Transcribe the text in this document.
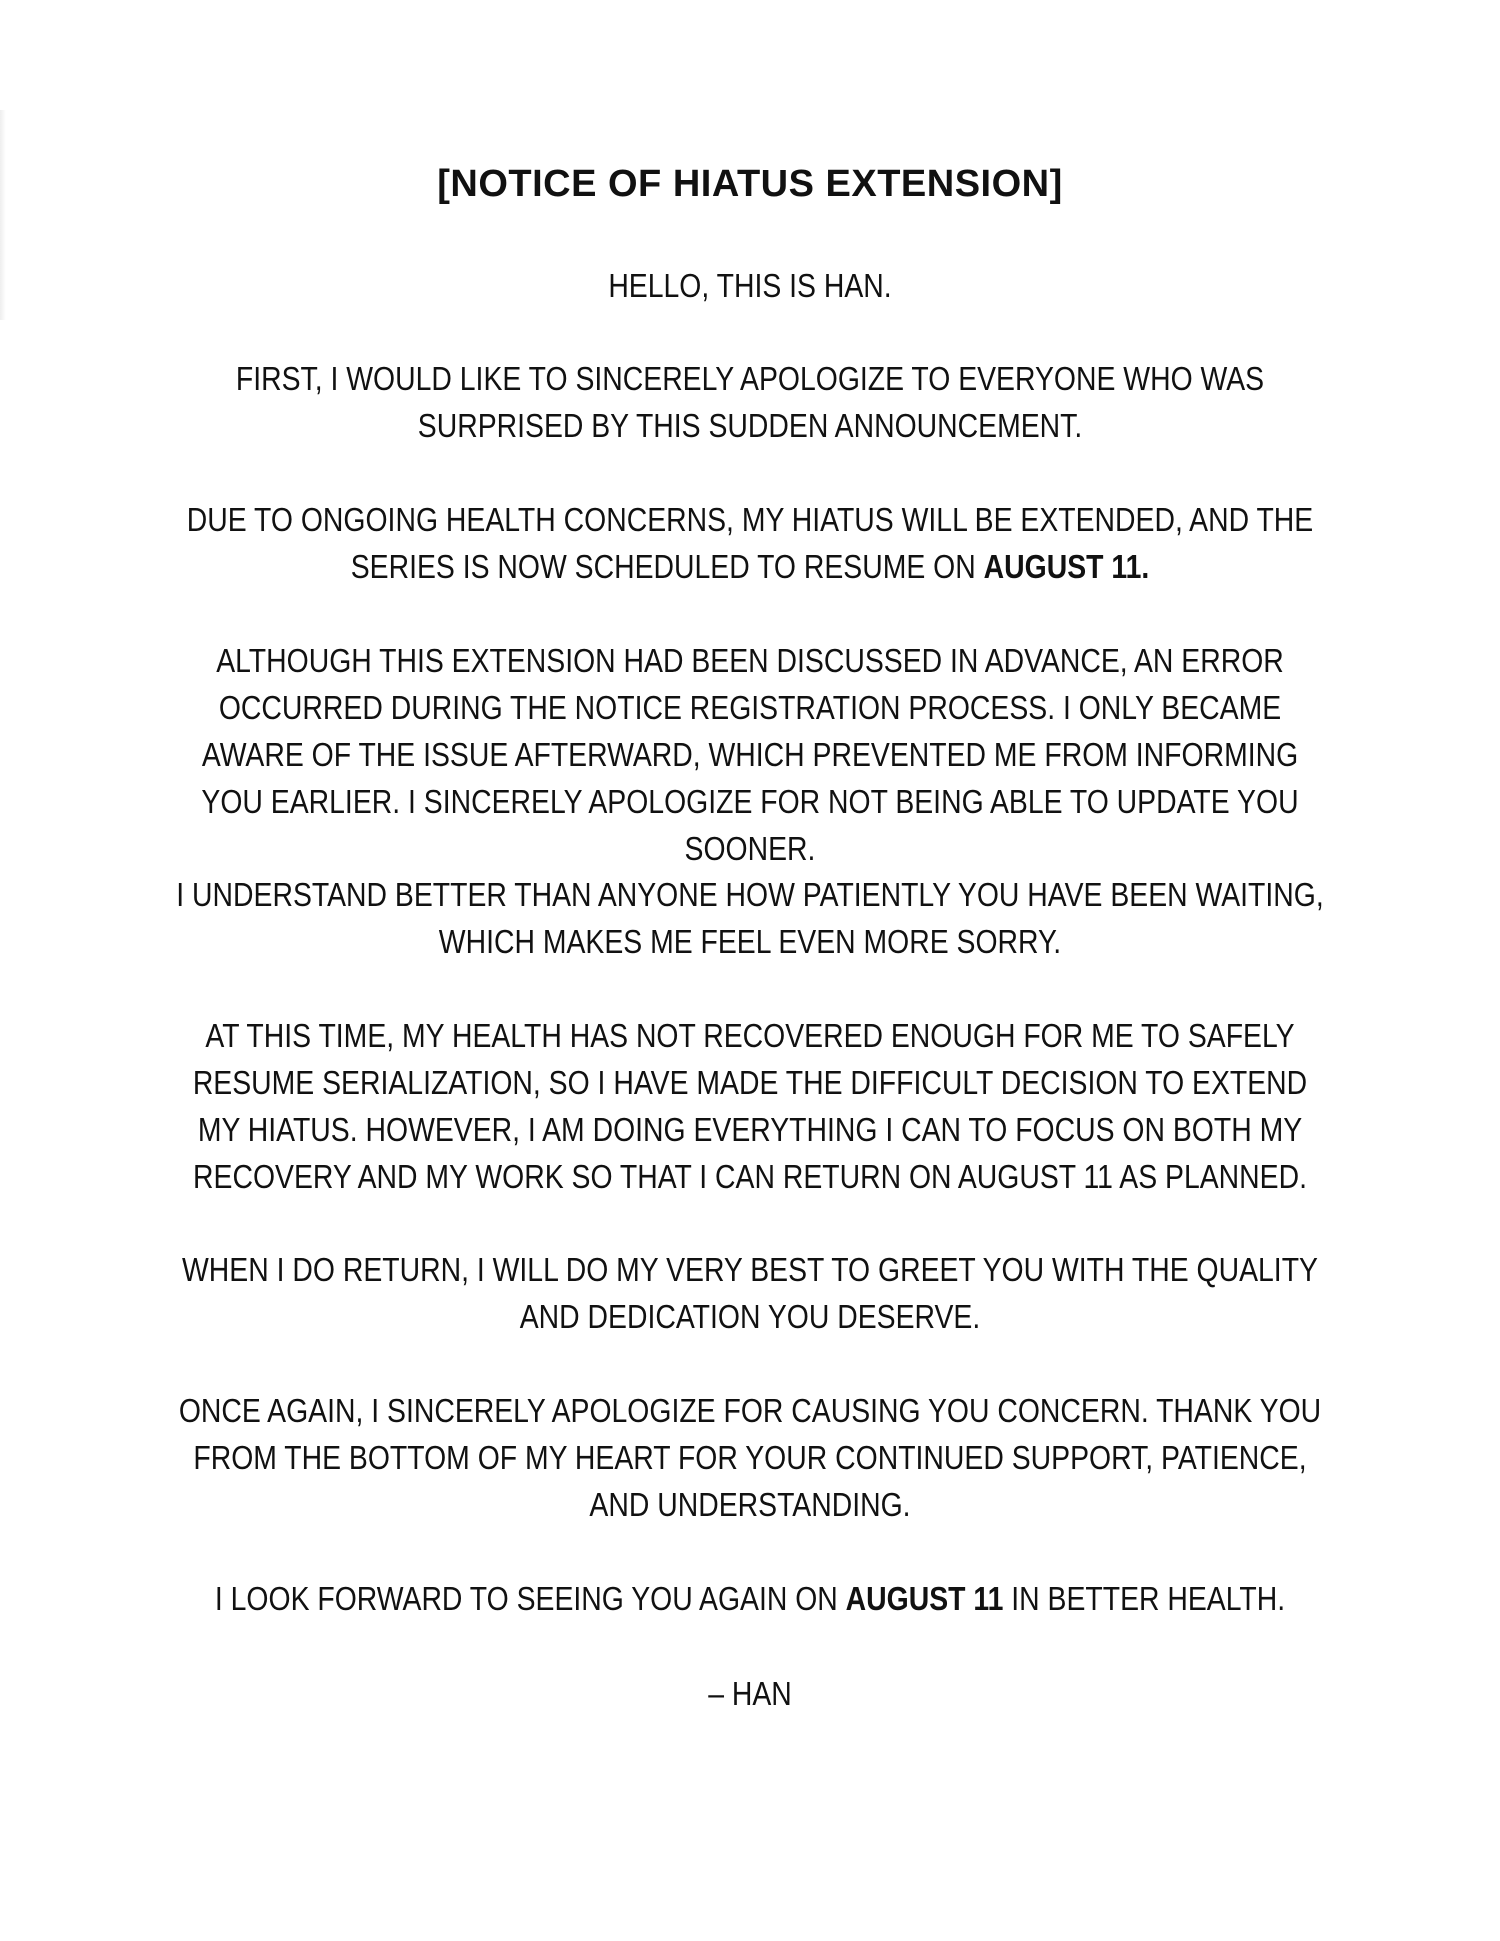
[NOTICE OF HIATUS EXTENSION]
HELLO, THIS IS HAN.
FIRST, I WOULD LIKE TO SINCERELY APOLOGIZE TO EVERYONE WHO WAS SURPRISED BY THIS SUDDEN ANNOUNCEMENT.
DUE TO ONGOING HEALTH CONCERNS, MY HIATUS WILL BE EXTENDED, AND THE SERIES IS NOW SCHEDULED TO RESUME ON AUGUST 11.
ALTHOUGH THIS EXTENSION HAD BEEN DISCUSSED IN ADVANCE, AN ERROR OCCURRED DURING THE NOTICE REGISTRATION PROCESS. I ONLY BECAME AWARE OF THE ISSUE AFTERWARD, WHICH PREVENTED ME FROM INFORMING YOU EARLIER. I SINCERELY APOLOGIZE FOR NOT BEING ABLE TO UPDATE YOU SOONER.
I UNDERSTAND BETTER THAN ANYONE HOW PATIENTLY YOU HAVE BEEN WAITING, WHICH MAKES ME FEEL EVEN MORE SORRY.
AT THIS TIME, MY HEALTH HAS NOT RECOVERED ENOUGH FOR ME TO SAFELY RESUME SERIALIZATION, SO I HAVE MADE THE DIFFICULT DECISION TO EXTEND MY HIATUS. HOWEVER, I AM DOING EVERYTHING I CAN TO FOCUS ON BOTH MY RECOVERY AND MY WORK SO THAT I CAN RETURN ON AUGUST 11 AS PLANNED.
WHEN I DO RETURN, I WILL DO MY VERY BEST TO GREET YOU WITH THE QUALITY AND DEDICATION YOU DESERVE.
ONCE AGAIN, I SINCERELY APOLOGIZE FOR CAUSING YOU CONCERN. THANK YOU FROM THE BOTTOM OF MY HEART FOR YOUR CONTINUED SUPPORT, PATIENCE, AND UNDERSTANDING.
I LOOK FORWARD TO SEEING YOU AGAIN ON AUGUST 11 IN BETTER HEALTH.
– HAN
